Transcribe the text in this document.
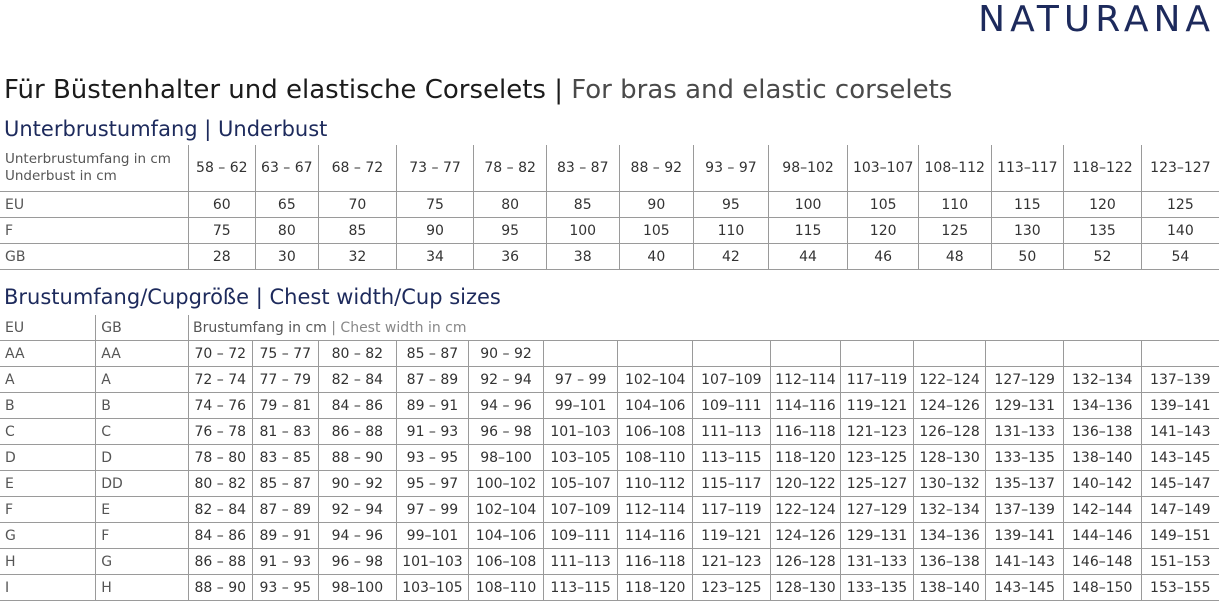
NATURANA
Für Büstenhalter und elastische Corselets | For bras and elastic corselets
Unterbrustumfang | Underbust
Unterbrustumfang in cm
Underbust in cm	58 – 62	63 – 67	68 – 72	73 – 77	78 – 82	83 – 87	88 – 92	93 – 97	98–102	103–107	108–112	113–117	118–122	123–127
EU	60	65	70	75	80	85	90	95	100	105	110	115	120	125
F	75	80	85	90	95	100	105	110	115	120	125	130	135	140
GB	28	30	32	34	36	38	40	42	44	46	48	50	52	54
Brustumfang/Cupgröße | Chest width/Cup sizes
EU	GB	Brustumfang in cm | Chest width in cm													
AA	AA	70 – 72	75 – 77	80 – 82	85 – 87	90 – 92									
A	A	72 – 74	77 – 79	82 – 84	87 – 89	92 – 94	97 – 99	102–104	107–109	112–114	117–119	122–124	127–129	132–134	137–139
B	B	74 – 76	79 – 81	84 – 86	89 – 91	94 – 96	99–101	104–106	109–111	114–116	119–121	124–126	129–131	134–136	139–141
C	C	76 – 78	81 – 83	86 – 88	91 – 93	96 – 98	101–103	106–108	111–113	116–118	121–123	126–128	131–133	136–138	141–143
D	D	78 – 80	83 – 85	88 – 90	93 – 95	98–100	103–105	108–110	113–115	118–120	123–125	128–130	133–135	138–140	143–145
E	DD	80 – 82	85 – 87	90 – 92	95 – 97	100–102	105–107	110–112	115–117	120–122	125–127	130–132	135–137	140–142	145–147
F	E	82 – 84	87 – 89	92 – 94	97 – 99	102–104	107–109	112–114	117–119	122–124	127–129	132–134	137–139	142–144	147–149
G	F	84 – 86	89 – 91	94 – 96	99–101	104–106	109–111	114–116	119–121	124–126	129–131	134–136	139–141	144–146	149–151
H	G	86 – 88	91 – 93	96 – 98	101–103	106–108	111–113	116–118	121–123	126–128	131–133	136–138	141–143	146–148	151–153
I	H	88 – 90	93 – 95	98–100	103–105	108–110	113–115	118–120	123–125	128–130	133–135	138–140	143–145	148–150	153–155
